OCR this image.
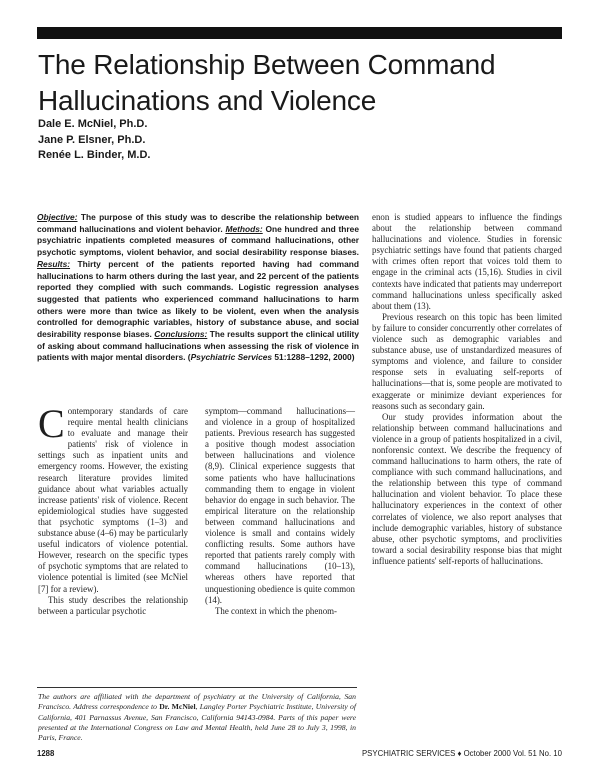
The Relationship Between Command
Hallucinations and Violence
Dale E. McNiel, Ph.D.
Jane P. Elsner, Ph.D.
Renée L. Binder, M.D.
Objective: The purpose of this study was to describe the relationship between command hallucinations and violent behavior. Methods: One hundred and three psychiatric inpatients completed measures of command hallucinations, other psychotic symptoms, violent behavior, and social desirability response biases. Results: Thirty percent of the patients reported having had command hallucinations to harm others during the last year, and 22 percent of the patients reported they complied with such commands. Logistic regression analyses suggested that patients who experienced command hallucinations to harm others were more than twice as likely to be violent, even when the analysis controlled for demographic variables, history of substance abuse, and social desirability response biases. Conclusions: The results support the clinical utility of asking about command hallucinations when assessing the risk of violence in patients with major mental disorders. (Psychiatric Services 51:1288–1292, 2000)

Contemporary standards of care require mental health clinicians to evaluate and manage their patients' risk of violence in settings such as inpatient units and emergency rooms. However, the existing research literature provides limited guidance about what variables actually increase patients' risk of violence. Recent epidemiological studies have suggested that psychotic symptoms (1–3) and substance abuse (4–6) may be particularly useful indicators of violence potential. However, research on the specific types of psychotic symptoms that are related to violence potential is limited (see McNiel [7] for a review).

This study describes the relationship between a particular psychotic

symptom—command hallucinations—and violence in a group of hospitalized patients. Previous research has suggested a positive though modest association between hallucinations and violence (8,9). Clinical experience suggests that some patients who have hallucinations commanding them to engage in violent behavior do engage in such behavior. The empirical literature on the relationship between command hallucinations and violence is small and contains widely conflicting results. Some authors have reported that patients rarely comply with command hallucinations (10–13), whereas others have reported that unquestioning obedience is quite common (14).

The context in which the phenom-

enon is studied appears to influence the findings about the relationship between command hallucinations and violence. Studies in forensic psychiatric settings have found that patients charged with crimes often report that voices told them to engage in the criminal acts (15,16). Studies in civil contexts have indicated that patients may underreport command hallucinations unless specifically asked about them (13).

Previous research on this topic has been limited by failure to consider concurrently other correlates of violence such as demographic variables and substance abuse, use of unstandardized measures of symptoms and violence, and failure to consider response sets in evaluating self-reports of hallucinations—that is, some people are motivated to exaggerate or minimize deviant experiences for reasons such as secondary gain.

Our study provides information about the relationship between command hallucinations and violence in a group of patients hospitalized in a civil, nonforensic context. We describe the frequency of command hallucinations to harm others, the rate of compliance with such command hallucinations, and the relationship between this type of command hallucination and violent behavior. To place these hallucinatory experiences in the context of other correlates of violence, we also report analyses that include demographic variables, history of substance abuse, other psychotic symptoms, and proclivities toward a social desirability response bias that might influence patients' self-reports of hallucinations.

The authors are affiliated with the department of psychiatry at the University of California, San Francisco. Address correspondence to Dr. McNiel, Langley Porter Psychiatric Institute, University of California, 401 Parnassus Avenue, San Francisco, California 94143-0984. Parts of this paper were presented at the International Congress on Law and Mental Health, held June 28 to July 3, 1998, in Paris, France.
1288	PSYCHIATRIC SERVICES ♦ October 2000 Vol. 51 No. 10
